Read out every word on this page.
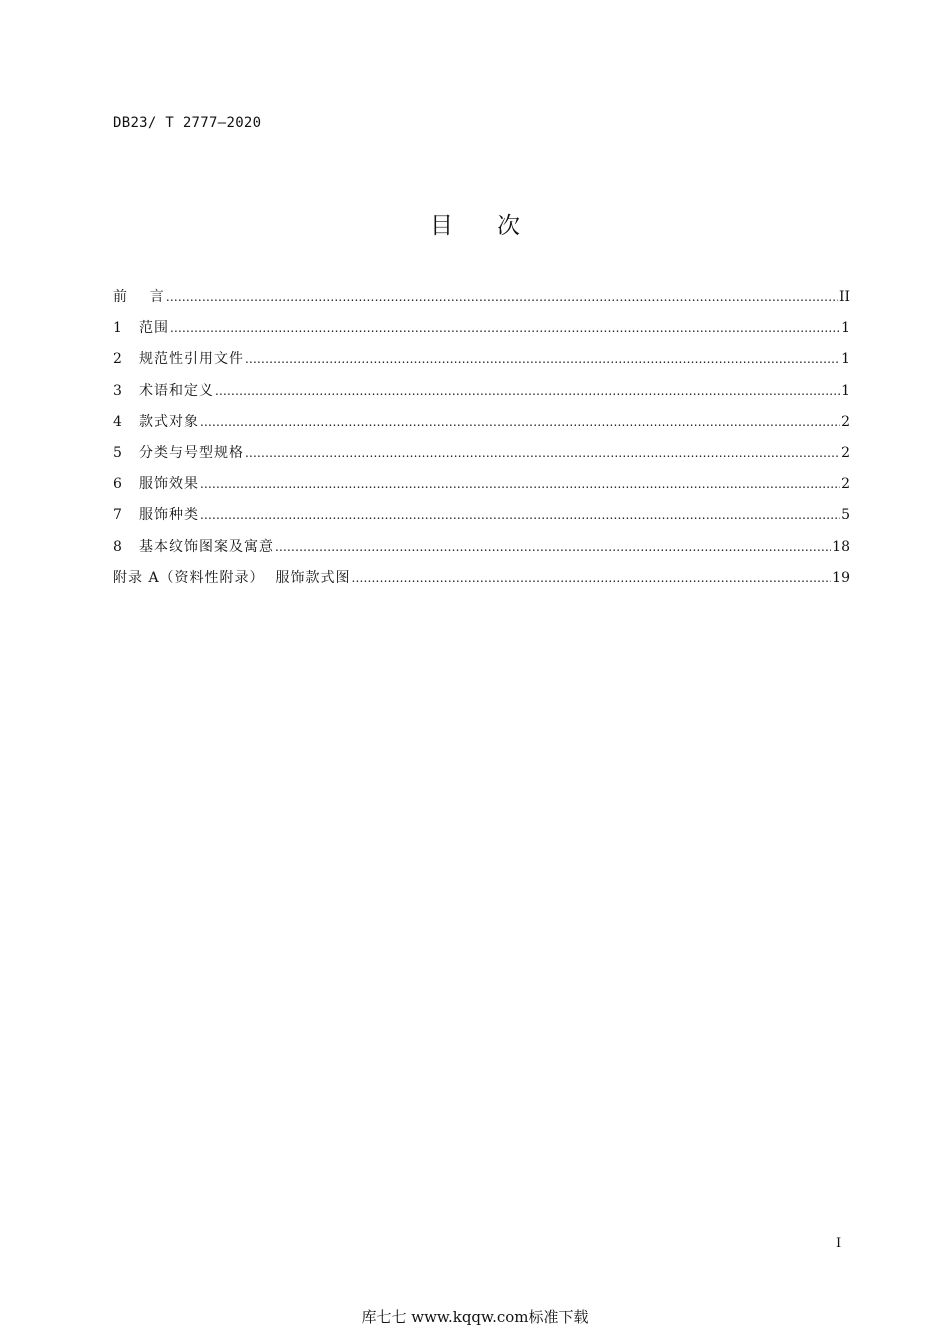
DB23/ T 2777—2020
目 次
前    言 .....	II
1	范围 .....	1
2	规范性引用文件 .....	1
3	术语和定义 .....	1
4	款式对象 .....	2
5	分类与号型规格 .....	2
6	服饰效果 .....	2
7	服饰种类 .....	5
8	基本纹饰图案及寓意 .....	18
附录 A（资料性附录）  服饰款式图 .....	19
I
库七七 www.kqqw.com标准下载
